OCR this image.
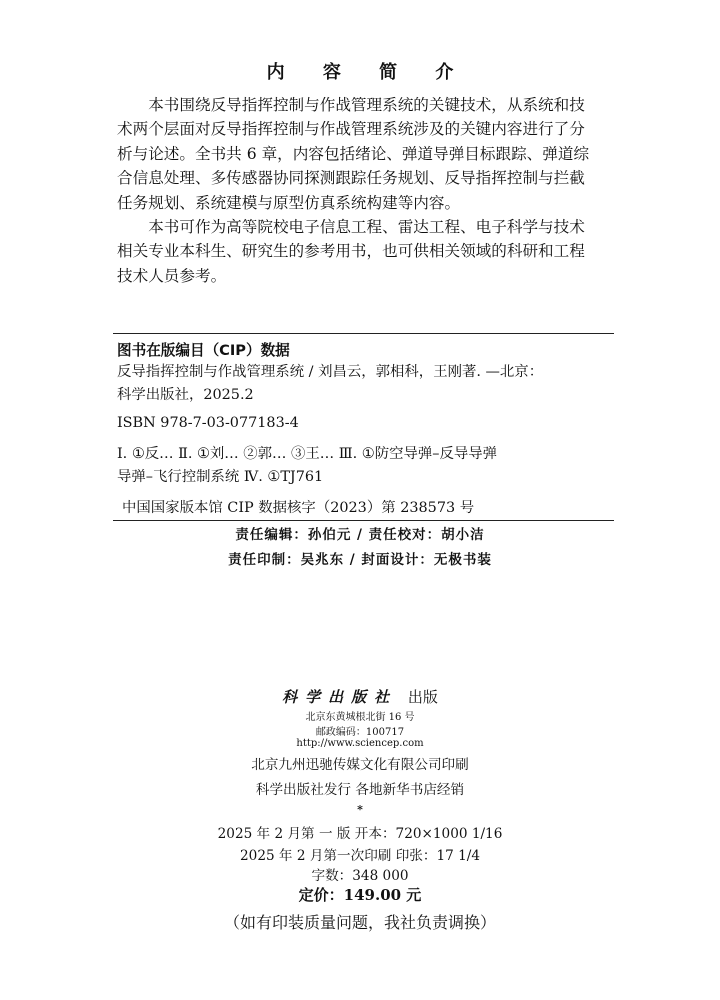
内 容 简 介

本书围绕反导指挥控制与作战管理系统的关键技术，从系统和技
术两个层面对反导指挥控制与作战管理系统涉及的关键内容进行了分
析与论述。全书共 6 章，内容包括绪论、弹道导弹目标跟踪、弹道综
合信息处理、多传感器协同探测跟踪任务规划、反导指挥控制与拦截
任务规划、系统建模与原型仿真系统构建等内容。

本书可作为高等院校电子信息工程、雷达工程、电子科学与技术
相关专业本科生、研究生的参考用书，也可供相关领域的科研和工程
技术人员参考。

图书在版编目（CIP）数据
反导指挥控制与作战管理系统 / 刘昌云，郭相科，王刚著. —北京：
科学出版社，2025.2
ISBN 978-7-03-077183-4
Ⅰ. ①反… Ⅱ. ①刘… ②郭… ③王… Ⅲ. ①防空导弹–反导导弹
导弹–飞行控制系统 Ⅳ. ①TJ761
中国国家版本馆 CIP 数据核字（2023）第 238573 号
责任编辑：孙伯元 / 责任校对：胡小洁
责任印制：吴兆东 / 封面设计：无极书装
科学出版社 出版
北京东黄城根北街 16 号
邮政编码：100717
http://www.sciencep.com
北京九州迅驰传媒文化有限公司印刷
科学出版社发行 各地新华书店经销
*
2025 年 2 月第 一 版 开本：720×1000 1/16
2025 年 2 月第一次印刷 印张：17 1/4
字数：348 000
定价：149.00 元
（如有印装质量问题，我社负责调换）
